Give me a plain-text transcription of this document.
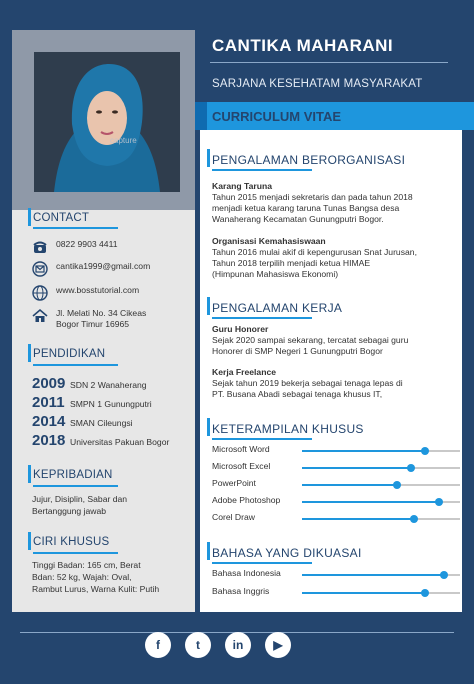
capture
CANTIKA MAHARANI
SARJANA KESEHATAM MASYARAKAT
CURRICULUM VITAE
CONTACT
0822 9903 4411
cantika1999@gmail.com
www.bosstutorial.com
Jl. Melati No. 34 Cikeas
Bogor Timur 16965
PENDIDIKAN
2009 SDN 2 Wanaherang
2011 SMPN 1 Gunungputri
2014 SMAN Cileungsi
2018 Universitas Pakuan Bogor
KEPRIBADIAN
Jujur, Disiplin, Sabar dan
Bertanggung jawab
CIRI KHUSUS
Tinggi Badan: 165 cm, Berat
Bdan: 52 kg, Wajah: Oval,
Rambut Lurus, Warna Kulit: Putih
PENGALAMAN BERORGANISASI
Karang Taruna
Tahun 2015 menjadi sekretaris dan pada tahun 2018
menjadi ketua karang taruna Tunas Bangsa desa
Wanaherang Kecamatan Gunungputri Bogor.
Organisasi Kemahasiswaan
Tahun 2016 mulai akif di kepengurusan Snat Jurusan,
Tahun 2018 terpilih menjadi ketua HIMAE
(Himpunan Mahasiswa Ekonomi)
PENGALAMAN KERJA
Guru Honorer
Sejak 2020 sampai sekarang, tercatat sebagai guru
Honorer di SMP Negeri 1 Gunungputri Bogor
Kerja Freelance
Sejak tahun 2019 bekerja sebagai tenaga lepas di
PT. Busana Abadi sebagai tenaga khusus IT,
KETERAMPILAN KHUSUS
Microsoft Word
Microsoft Excel
PowerPoint
Adobe Photoshop
Corel Draw
BAHASA YANG DIKUASAI
Bahasa Indonesia
Bahasa Inggris
f	t	in	▶
